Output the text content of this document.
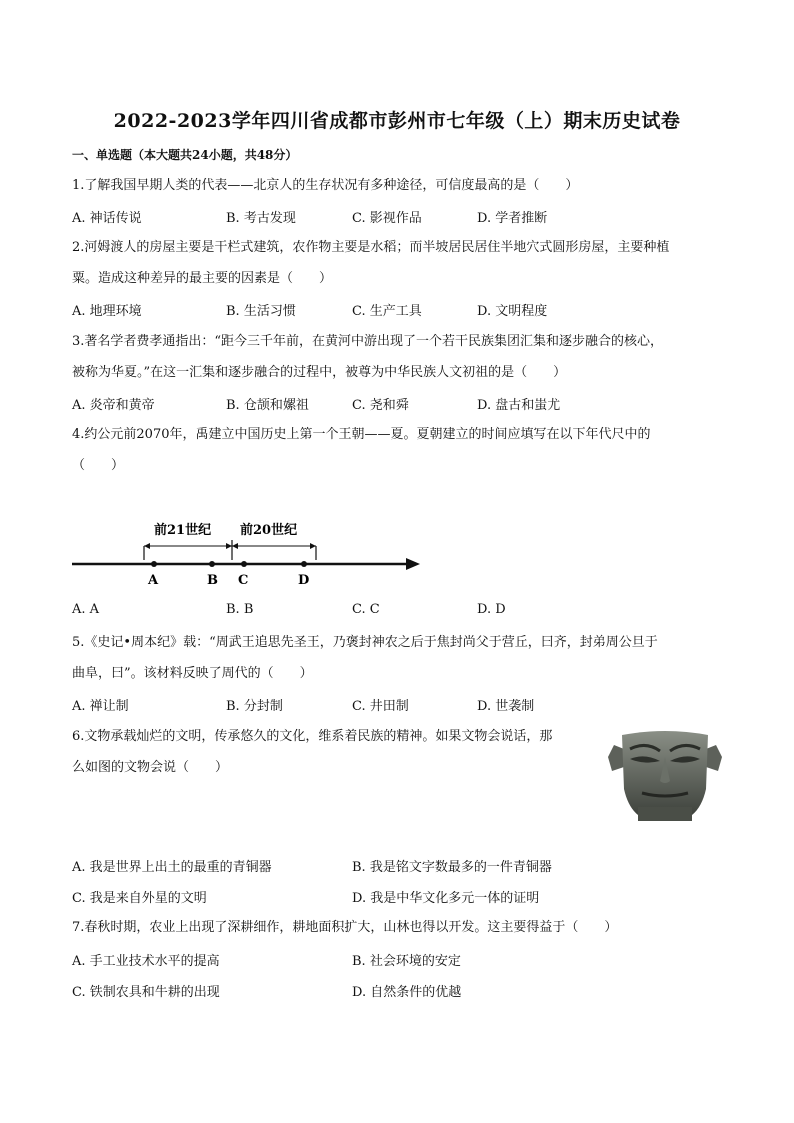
2022-2023学年四川省成都市彭州市七年级（上）期末历史试卷
一、单选题（本大题共24小题，共48分）
1.了解我国早期人类的代表——北京人的生存状况有多种途径，可信度最高的是（　　）
A. 神话传说	B. 考古发现	C. 影视作品	D. 学者推断
2.河姆渡人的房屋主要是干栏式建筑，农作物主要是水稻；而半坡居民居住半地穴式圆形房屋，主要种植
粟。造成这种差异的最主要的因素是（　　）
A. 地理环境	B. 生活习惯	C. 生产工具	D. 文明程度
3.著名学者费孝通指出：“距今三千年前，在黄河中游出现了一个若干民族集团汇集和逐步融合的核心，
被称为华夏。”在这一汇集和逐步融合的过程中，被尊为中华民族人文初祖的是（　　）
A. 炎帝和黄帝	B. 仓颉和嫘祖	C. 尧和舜	D. 盘古和蚩尤
4.约公元前2070年，禹建立中国历史上第一个王朝——夏。夏朝建立的时间应填写在以下年代尺中的
（　　）
前21世纪 前20世纪
A	B C	D
A. A	B. B	C. C	D. D
5.《史记•周本纪》载：“周武王追思先圣王，乃褒封神农之后于焦封尚父于营丘，曰齐，封弟周公旦于
曲阜，曰”。该材料反映了周代的（　　）
A. 禅让制	B. 分封制	C. 井田制	D. 世袭制
6.文物承载灿烂的文明，传承悠久的文化，维系着民族的精神。如果文物会说话，那
么如图的文物会说（　　）
A. 我是世界上出土的最重的青铜器	B. 我是铭文字数最多的一件青铜器
C. 我是来自外星的文明	D. 我是中华文化多元一体的证明
7.春秋时期，农业上出现了深耕细作，耕地面积扩大，山林也得以开发。这主要得益于（　　）
A. 手工业技术水平的提高	B. 社会环境的安定
C. 铁制农具和牛耕的出现	D. 自然条件的优越
